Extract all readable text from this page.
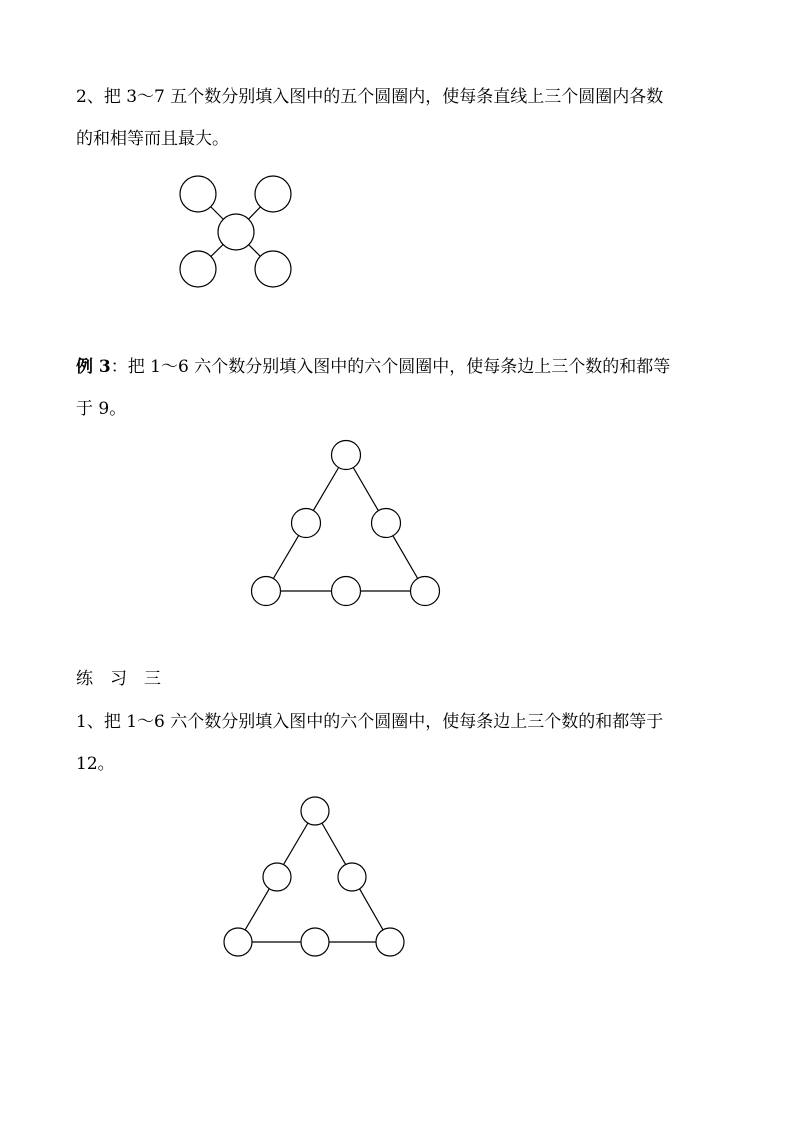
2、把 3～7 五个数分别填入图中的五个圆圈内，使每条直线上三个圆圈内各数
的和相等而且最大。
例 3：把 1～6 六个数分别填入图中的六个圆圈中，使每条边上三个数的和都等
于 9。
练　习　三
1、把 1～6 六个数分别填入图中的六个圆圈中，使每条边上三个数的和都等于
12。
